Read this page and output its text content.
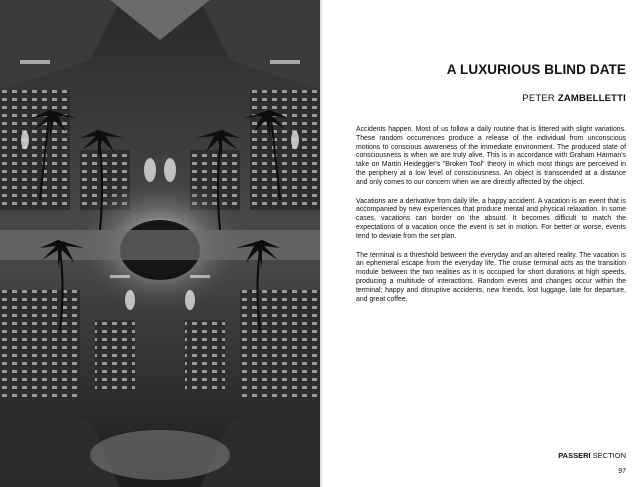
A LUXURIOUS BLIND DATE

PETER ZAMBELLETTI

Accidents happen. Most of us follow a daily routine that is littered with slight variations. These random occurrences produce a release of the individual from unconscious motions to conscious awareness of the immediate environment. The produced state of consciousness is when we are truly alive. This is in accordance with Graham Harman's take on Martin Heidegger's "Broken Tool" theory in which most things are perceived in the periphery at a low level of consciousness. An object is transcended at a distance and only comes to our concern when we are directly affected by the object.

Vacations are a derivative from daily life, a happy accident. A vacation is an event that is accompanied by new experiences that produce mental and physical relaxation. In some cases, vacations can border on the absurd. It becomes difficult to match the expectations of a vacation once the event is set in motion. For better or worse, events tend to deviate from the set plan.

The terminal is a threshold between the everyday and an altered reality. The vacation is an ephemeral escape from the everyday life. The cruise terminal acts as the transition module between the two realities as it is occupied for short durations at high speeds, producing a multitude of interactions. Random events and changes occur within the terminal; happy and disruptive accidents, new friends, lost luggage, late for departure, and great coffee.

PASSERI SECTION

97
